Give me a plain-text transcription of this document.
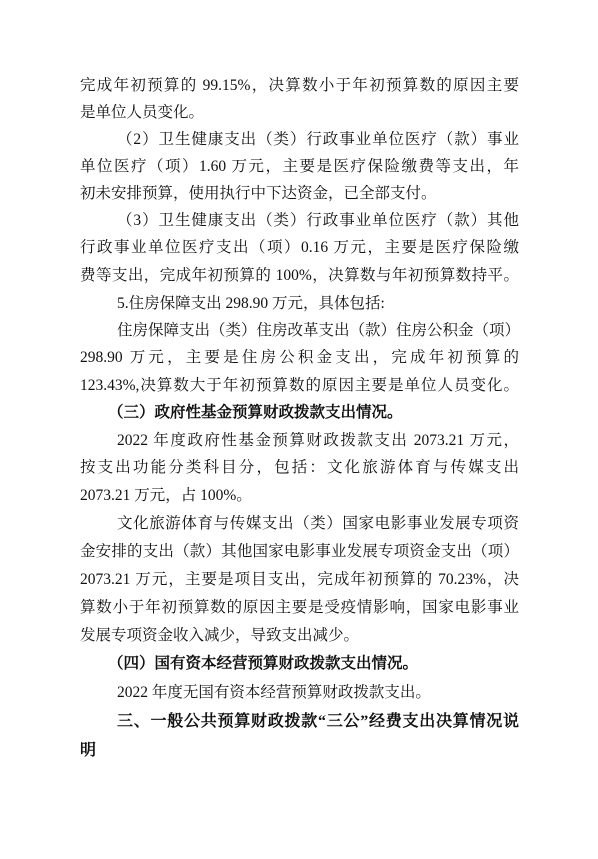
完成年初预算的 99.15%，决算数小于年初预算数的原因主要
是单位人员变化。
（2）卫生健康支出（类）行政事业单位医疗（款）事业
单位医疗（项）1.60 万元，主要是医疗保险缴费等支出，年
初未安排预算，使用执行中下达资金，已全部支付。
（3）卫生健康支出（类）行政事业单位医疗（款）其他
行政事业单位医疗支出（项）0.16 万元，主要是医疗保险缴
费等支出，完成年初预算的 100%，决算数与年初预算数持平。
5.住房保障支出 298.90 万元，具体包括:
住房保障支出（类）住房改革支出（款）住房公积金（项）
298.90 万元，主要是住房公积金支出，完成年初预算的
123.43%,决算数大于年初预算数的原因主要是单位人员变化。
（三）政府性基金预算财政拨款支出情况。
2022 年度政府性基金预算财政拨款支出 2073.21 万元，
按支出功能分类科目分，包括：文化旅游体育与传媒支出
2073.21 万元，占 100%。
文化旅游体育与传媒支出（类）国家电影事业发展专项资
金安排的支出（款）其他国家电影事业发展专项资金支出（项）
2073.21 万元，主要是项目支出，完成年初预算的 70.23%，决
算数小于年初预算数的原因主要是受疫情影响，国家电影事业
发展专项资金收入减少，导致支出减少。
（四）国有资本经营预算财政拨款支出情况。
2022 年度无国有资本经营预算财政拨款支出。
三、一般公共预算财政拨款“三公”经费支出决算情况说
明
